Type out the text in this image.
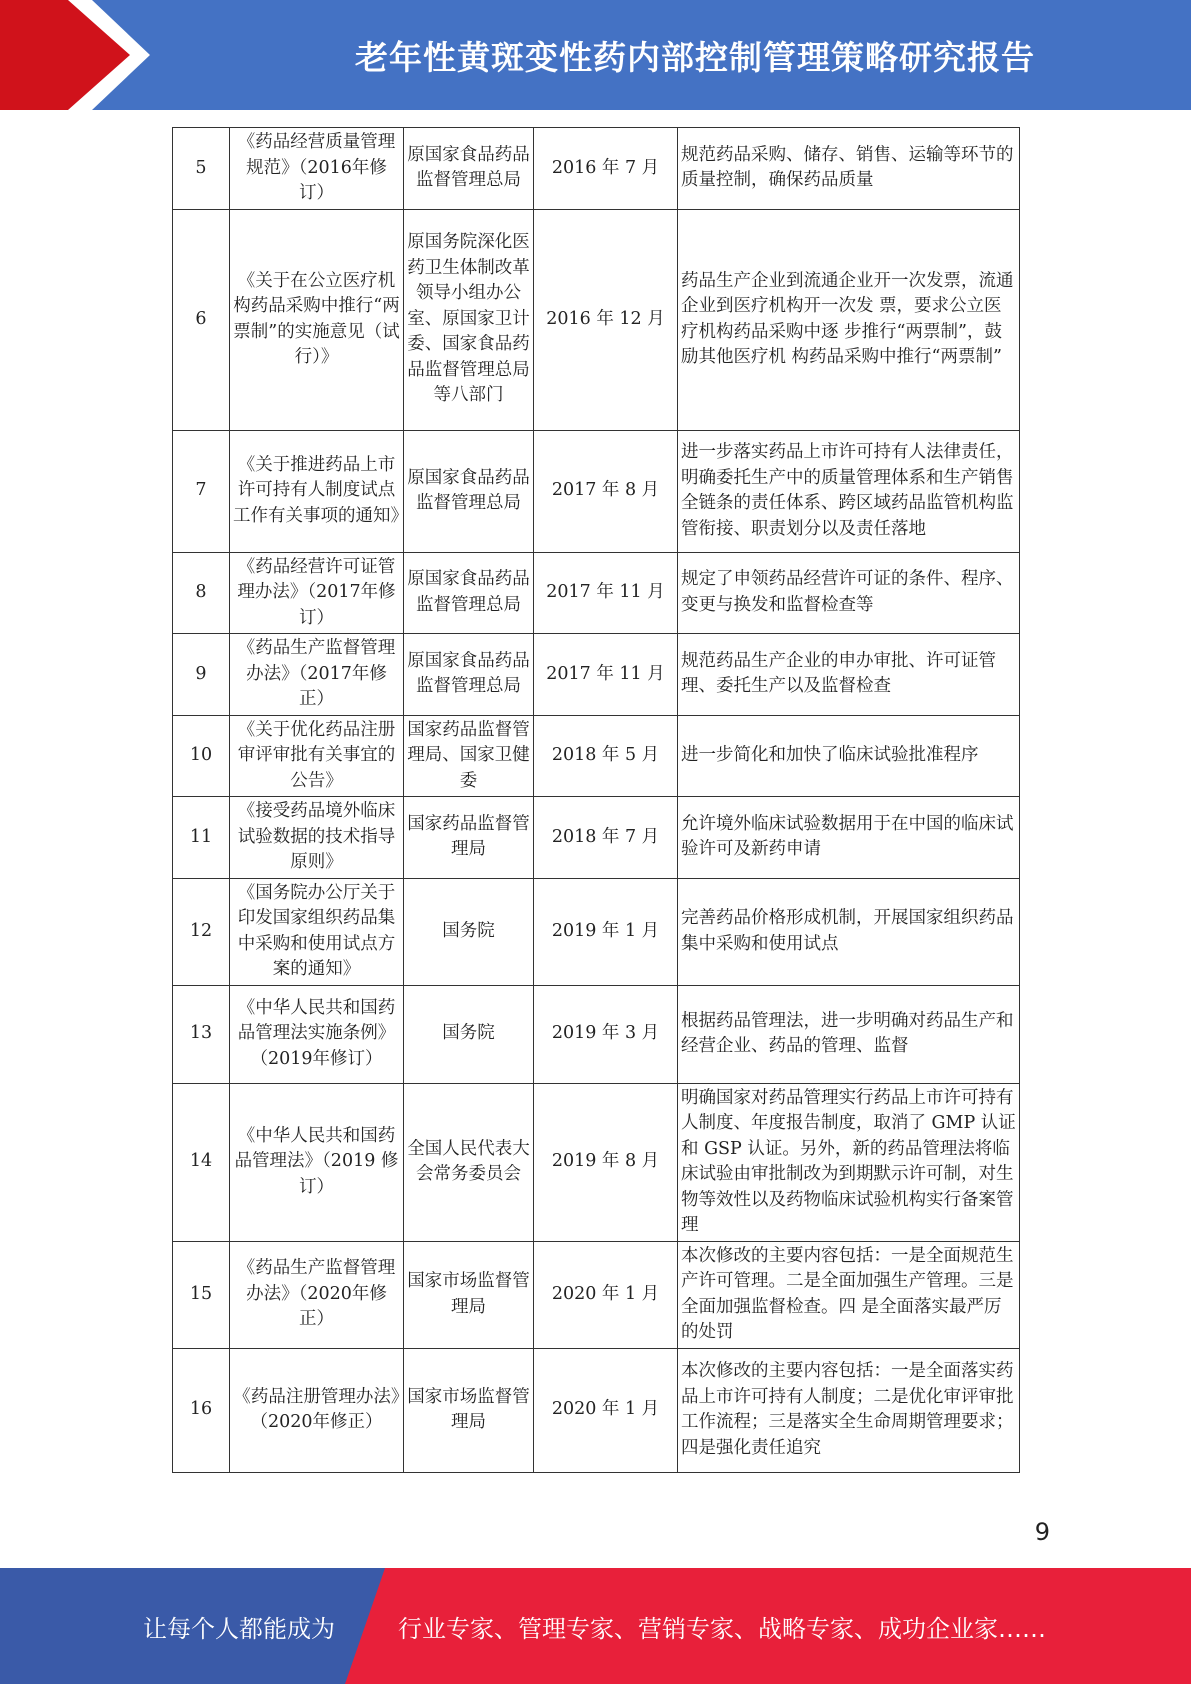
老年性黄斑变性药内部控制管理策略研究报告
5	《药品经营质量管理规范》（2016年修订）	原国家食品药品监督管理总局	2016 年 7 月	规范药品采购、储存、销售、运输等环节的质量控制，确保药品质量
6	《关于在公立医疗机构药品采购中推行“两票制”的实施意见（试行）》	原国务院深化医药卫生体制改革领导小组办公室、原国家卫计委、国家食品药品监督管理总局等八部门	2016 年 12 月	药品生产企业到流通企业开一次发票，流通企业到医疗机构开一次发 票，要求公立医疗机构药品采购中逐 步推行“两票制”，鼓励其他医疗机 构药品采购中推行“两票制”
7	《关于推进药品上市许可持有人制度试点工作有关事项的通知》	原国家食品药品监督管理总局	2017 年 8 月	进一步落实药品上市许可持有人法律责任，明确委托生产中的质量管理体系和生产销售全链条的责任体系、跨区域药品监管机构监管衔接、职责划分以及责任落地
8	《药品经营许可证管理办法》（2017年修订）	原国家食品药品监督管理总局	2017 年 11 月	规定了申领药品经营许可证的条件、程序、变更与换发和监督检查等
9	《药品生产监督管理办法》（2017年修正）	原国家食品药品监督管理总局	2017 年 11 月	规范药品生产企业的申办审批、许可证管理、委托生产以及监督检查
10	《关于优化药品注册审评审批有关事宜的公告》	国家药品监督管理局、国家卫健委	2018 年 5 月	进一步简化和加快了临床试验批准程序
11	《接受药品境外临床试验数据的技术指导原则》	国家药品监督管理局	2018 年 7 月	允许境外临床试验数据用于在中国的临床试验许可及新药申请
12	《国务院办公厅关于印发国家组织药品集中采购和使用试点方案的通知》	国务院	2019 年 1 月	完善药品价格形成机制，开展国家组织药品集中采购和使用试点
13	《中华人民共和国药品管理法实施条例》（2019年修订）	国务院	2019 年 3 月	根据药品管理法，进一步明确对药品生产和经营企业、药品的管理、监督
14	《中华人民共和国药品管理法》（2019 修订）	全国人民代表大会常务委员会	2019 年 8 月	明确国家对药品管理实行药品上市许可持有人制度、年度报告制度，取消了 GMP 认证和 GSP 认证。另外，新的药品管理法将临床试验由审批制改为到期默示许可制，对生物等效性以及药物临床试验机构实行备案管理
15	《药品生产监督管理办法》（2020年修正）	国家市场监督管理局	2020 年 1 月	本次修改的主要内容包括：一是全面规范生产许可管理。二是全面加强生产管理。三是全面加强监督检查。四 是全面落实最严厉的处罚
16	《药品注册管理办法》（2020年修正）	国家市场监督管理局	2020 年 1 月	本次修改的主要内容包括：一是全面落实药品上市许可持有人制度；二是优化审评审批工作流程；三是落实全生命周期管理要求；四是强化责任追究
9
让每个人都能成为	行业专家、管理专家、营销专家、战略专家、成功企业家……
